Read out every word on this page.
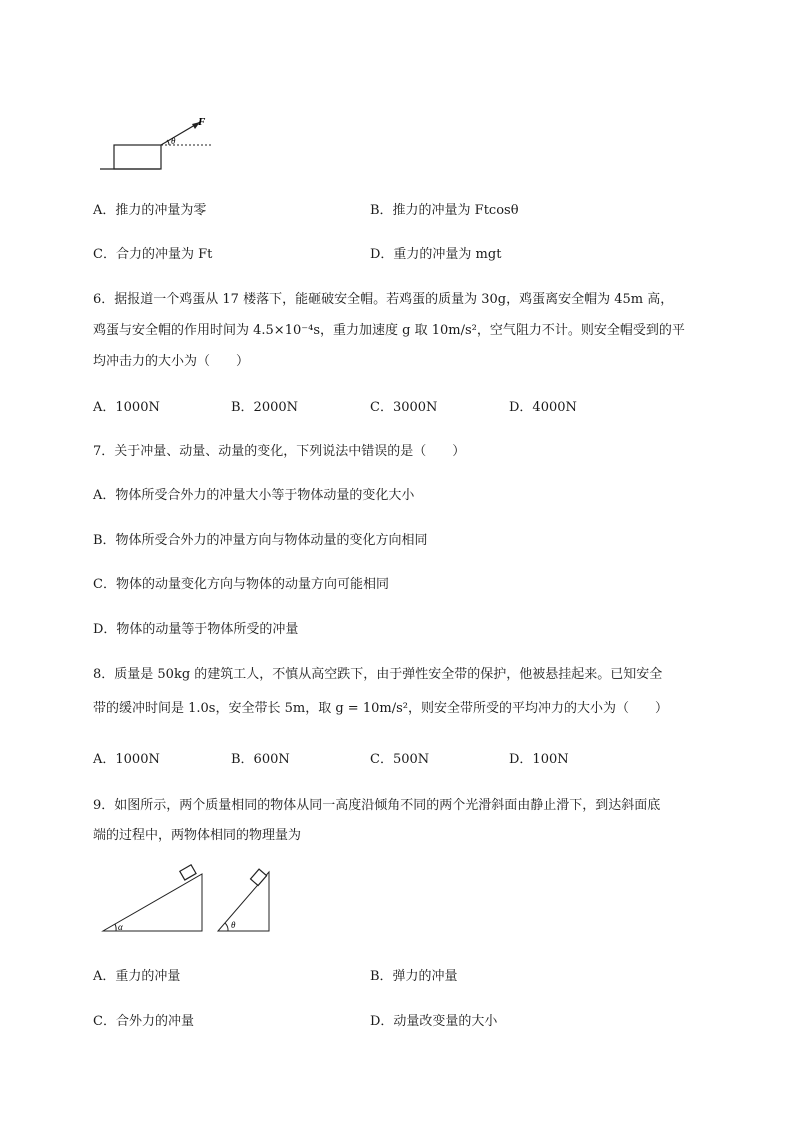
F
θ
A．推力的冲量为零	B．推力的冲量为 Ftcosθ
C．合力的冲量为 Ft	D．重力的冲量为 mgt
6．据报道一个鸡蛋从 17 楼落下，能砸破安全帽。若鸡蛋的质量为 30g，鸡蛋离安全帽为 45m 高，
鸡蛋与安全帽的作用时间为 4.5×10⁻⁴s，重力加速度 g 取 10m/s²，空气阻力不计。则安全帽受到的平
均冲击力的大小为（　　）
A．1000N	B．2000N	C．3000N	D．4000N
7．关于冲量、动量、动量的变化，下列说法中错误的是（　　）
A．物体所受合外力的冲量大小等于物体动量的变化大小
B．物体所受合外力的冲量方向与物体动量的变化方向相同
C．物体的动量变化方向与物体的动量方向可能相同
D．物体的动量等于物体所受的冲量
8．质量是 50kg 的建筑工人，不慎从高空跌下，由于弹性安全带的保护，他被悬挂起来。已知安全
带的缓冲时间是 1.0s，安全带长 5m，取 g = 10m/s²，则安全带所受的平均冲力的大小为（　　）
A．1000N	B．600N	C．500N	D．100N
9．如图所示，两个质量相同的物体从同一高度沿倾角不同的两个光滑斜面由静止滑下，到达斜面底
端的过程中，两物体相同的物理量为
α	θ
A．重力的冲量	B．弹力的冲量
C．合外力的冲量	D．动量改变量的大小
